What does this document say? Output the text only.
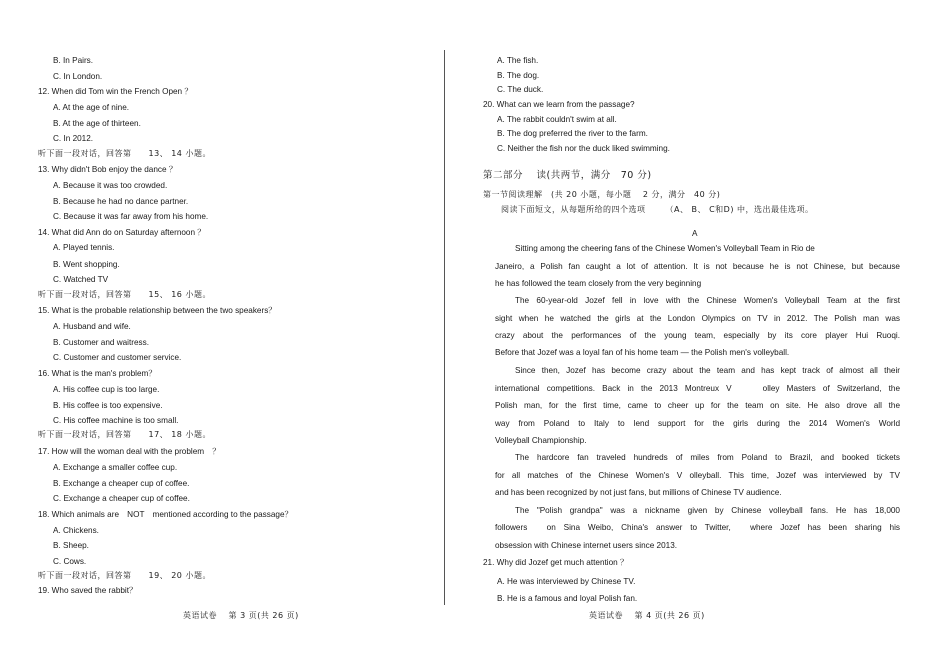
B. In Pairs.
C. In London.
12. When did Tom win the French Open ？
A. At the age of nine.
B. At the age of thirteen.
C. In 2012.
听下面一段对话，回答第　　13、 14 小题。
13. Why didn't Bob enjoy the dance ？
A. Because it was too crowded.
B. Because he had no dance partner.
C. Because it was far away from his home.
14. What did Ann do on Saturday afternoon ？
A. Played tennis.
B. Went shopping.
C. Watched TV
听下面一段对话，回答第　　15、 16 小题。
15. What is the probable relationship between the two speakers？
A. Husband and wife.
B. Customer and waitress.
C. Customer and customer service.
16. What is the man's problem？
A. His coffee cup is too large.
B. His coffee is too expensive.
C. His coffee machine is too small.
听下面一段对话，回答第　　17、 18 小题。
17. How will the woman deal with the problem　？
A. Exchange a smaller coffee cup.
B. Exchange a cheaper cup of coffee.
C. Exchange a cheaper cup of coffee.
18. Which animals are　NOT　mentioned according to the passage？
A. Chickens.
B. Sheep.
C. Cows.
听下面一段对话，回答第　　19、 20 小题。
19. Who saved the rabbit？
英语试卷　 第 3 页(共 26 页)
A. The fish.
B. The dog.
C. The duck.
20. What can we learn from the passage?
A. The rabbit couldn't swim at all.
B. The dog preferred the river to the farm.
C. Neither the fish nor the duck liked swimming.
第二部分　 读(共两节，满分　70 分)
第一节阅读理解　(共 20 小题，每小题　 2 分，满分　40 分)
阅读下面短文，从每题所给的四个选项　　 （A、 B、 C和D) 中，选出最佳选项。
A
Sitting among the cheering fans of the Chinese Women's Volleyball Team in Rio de
Janeiro, a Polish fan caught a lot of attention. It is not because he is not Chinese, but because
he has followed the team closely from the very beginning
The 60-year-old Jozef fell in love with the Chinese Women's Volleyball Team at the first
sight when he watched the girls at the London Olympics on TV in 2012. The Polish man was
crazy about the performances of the young team, especially by its core player Hui Ruoqi.
Before that Jozef was a loyal fan of his home team — the Polish men's volleyball.
Since then, Jozef has become crazy about the team and has kept track of almost all their
international competitions. Back in the 2013 Montreux V　　olley Masters of Switzerland, the
Polish man, for the first time, came to cheer up for the team on site. He also drove all the
way from Poland to Italy to lend support for the girls during the 2014 Women's World
Volleyball Championship.
The hardcore fan traveled hundreds of miles from Poland to Brazil, and booked tickets
for all matches of the Chinese Women's V olleyball. This time, Jozef was interviewed by TV
and has been recognized by not just fans, but millions of Chinese TV audience.
The "Polish grandpa" was a nickname given by Chinese volleyball fans. He has 18,000
followers　on Sina Weibo, China's answer to Twitter,　where Jozef has been sharing his
obsession with Chinese internet users since 2013.
21. Why did Jozef get much attention ？
A. He was interviewed by Chinese TV.
B. He is a famous and loyal Polish fan.
英语试卷　 第 4 页(共 26 页)
